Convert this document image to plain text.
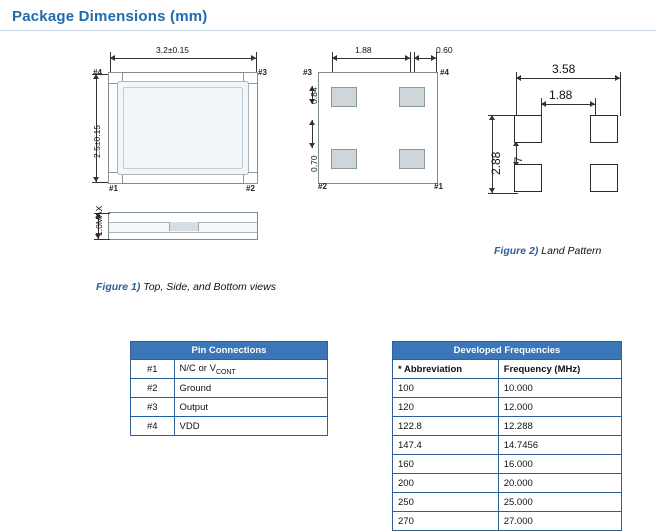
Package Dimensions (mm)
3.2±0.15
2.5±0.15
#4	#3
#1	#2
1.0MAX
1.88	0.60
#3	#4
#2	#1
0.84
0.70
Figure 1) Top, Side, and Bottom views
3.58
1.88
2.88
Figure 2) Land Pattern
Pin Connections	
#1	N/C or $V_{CONT}$
#2	Ground
#3	Output
#4	VDD
Developed Frequencies	
* Abbreviation	Frequency (MHz)
100	10.000
120	12.000
122.8	12.288
147.4	14.7456
160	16.000
200	20.000
250	25.000
270	27.000
